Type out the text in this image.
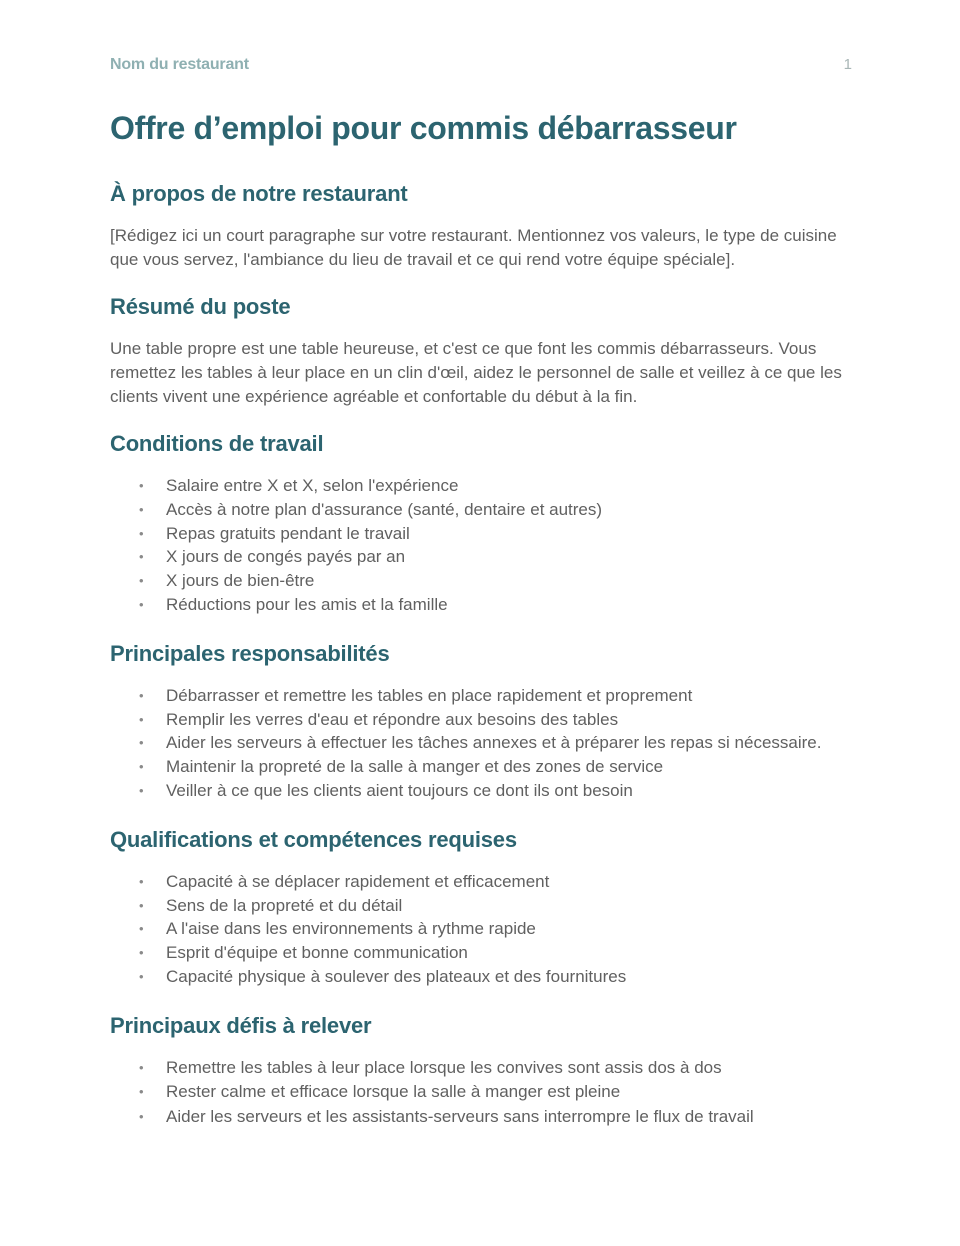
Nom du restaurant	1
Offre d’emploi pour commis débarrasseur
À propos de notre restaurant

[Rédigez ici un court paragraphe sur votre restaurant. Mentionnez vos valeurs, le type de cuisine que vous servez, l'ambiance du lieu de travail et ce qui rend votre équipe spéciale].

Résumé du poste

Une table propre est une table heureuse, et c'est ce que font les commis débarrasseurs. Vous remettez les tables à leur place en un clin d'œil, aidez le personnel de salle et veillez à ce que les clients vivent une expérience agréable et confortable du début à la fin.

Conditions de travail
• Salaire entre X et X, selon l'expérience
• Accès à notre plan d'assurance (santé, dentaire et autres)
• Repas gratuits pendant le travail
• X jours de congés payés par an
• X jours de bien-être
• Réductions pour les amis et la famille
Principales responsabilités
• Débarrasser et remettre les tables en place rapidement et proprement
• Remplir les verres d'eau et répondre aux besoins des tables
• Aider les serveurs à effectuer les tâches annexes et à préparer les repas si nécessaire.
• Maintenir la propreté de la salle à manger et des zones de service
• Veiller à ce que les clients aient toujours ce dont ils ont besoin
Qualifications et compétences requises
• Capacité à se déplacer rapidement et efficacement
• Sens de la propreté et du détail
• A l'aise dans les environnements à rythme rapide
• Esprit d'équipe et bonne communication
• Capacité physique à soulever des plateaux et des fournitures
Principaux défis à relever
• Remettre les tables à leur place lorsque les convives sont assis dos à dos
• Rester calme et efficace lorsque la salle à manger est pleine
• Aider les serveurs et les assistants-serveurs sans interrompre le flux de travail
